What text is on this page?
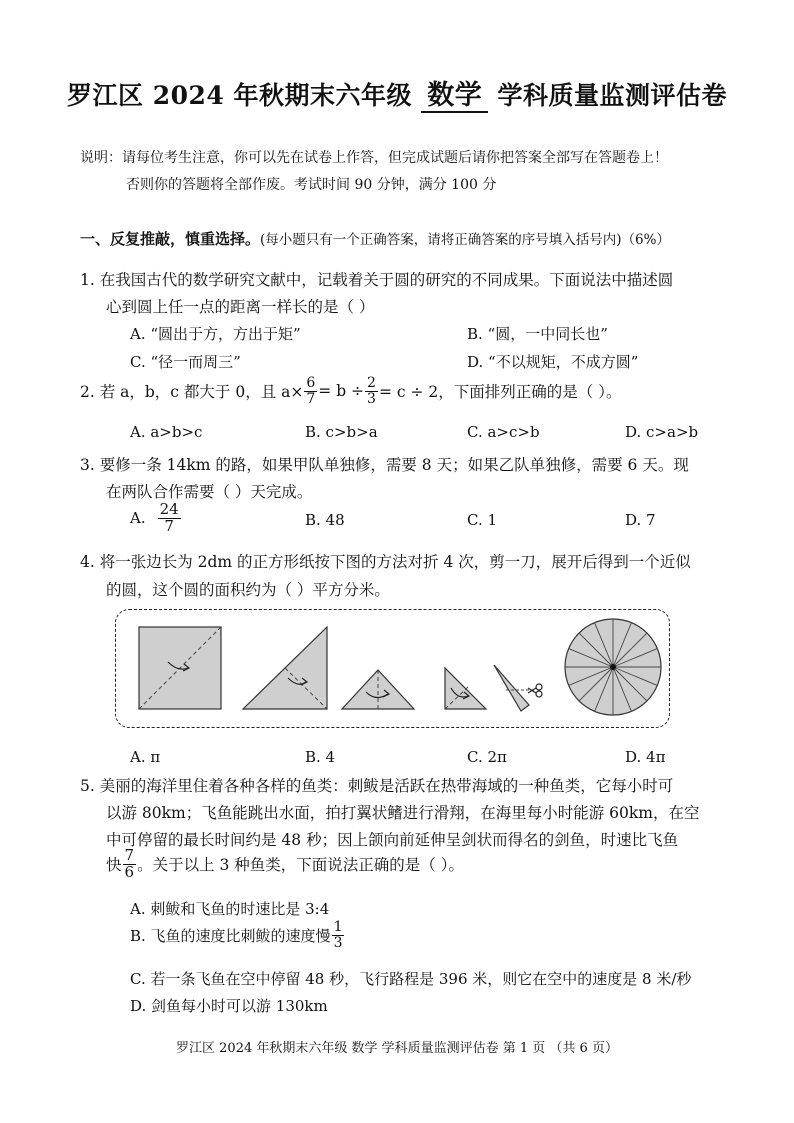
罗江区 2024 年秋期末六年级 数学 学科质量监测评估卷
说明：请每位考生注意，你可以先在试卷上作答，但完成试题后请你把答案全部写在答题卷上！
否则你的答题将全部作废。考试时间 90 分钟，满分 100 分
一、反复推敲，慎重选择。(每小题只有一个正确答案，请将正确答案的序号填入括号内)（6%）
1. 在我国古代的数学研究文献中，记载着关于圆的研究的不同成果。下面说法中描述圆
心到圆上任一点的距离一样长的是（ ）
A. “圆出于方，方出于矩”	B. “圆，一中同长也”
C. “径一而周三”	D. “不以规矩，不成方圆”
2. 若 a，b，c 都大于 0，且 $a\times \frac{6}{7} = b \div \frac{2}{3} = c \div 2$，下面排列正确的是（ ）。
A. a>b>c	B. c>b>a	C. a>c>b	D. c>a>b
3. 要修一条 14km 的路，如果甲队单独修，需要 8 天；如果乙队单独修，需要 6 天。现
在两队合作需要（ ）天完成。
A. $\frac{24}{7}$	B. 48	C. 1	D. 7
4. 将一张边长为 2dm 的正方形纸按下图的方法对折 4 次，剪一刀，展开后得到一个近似
的圆，这个圆的面积约为（ ）平方分米。
A. π	B. 4	C. 2π	D. 4π
5. 美丽的海洋里住着各种各样的鱼类：刺鲅是活跃在热带海域的一种鱼类，它每小时可
以游 80km；飞鱼能跳出水面，拍打翼状鳍进行滑翔，在海里每小时能游 60km，在空
中可停留的最长时间约是 48 秒；因上颌向前延伸呈剑状而得名的剑鱼，时速比飞鱼
快 $\frac{7}{6}$ 。关于以上 3 种鱼类，下面说法正确的是（ ）。
A. 刺鲅和飞鱼的时速比是 3:4
B. 飞鱼的速度比刺鲅的速度慢 $\frac{1}{3}$
C. 若一条飞鱼在空中停留 48 秒，飞行路程是 396 米，则它在空中的速度是 8 米/秒
D. 剑鱼每小时可以游 130km
罗江区 2024 年秋期末六年级 数学 学科质量监测评估卷 第 1 页 （共 6 页）
